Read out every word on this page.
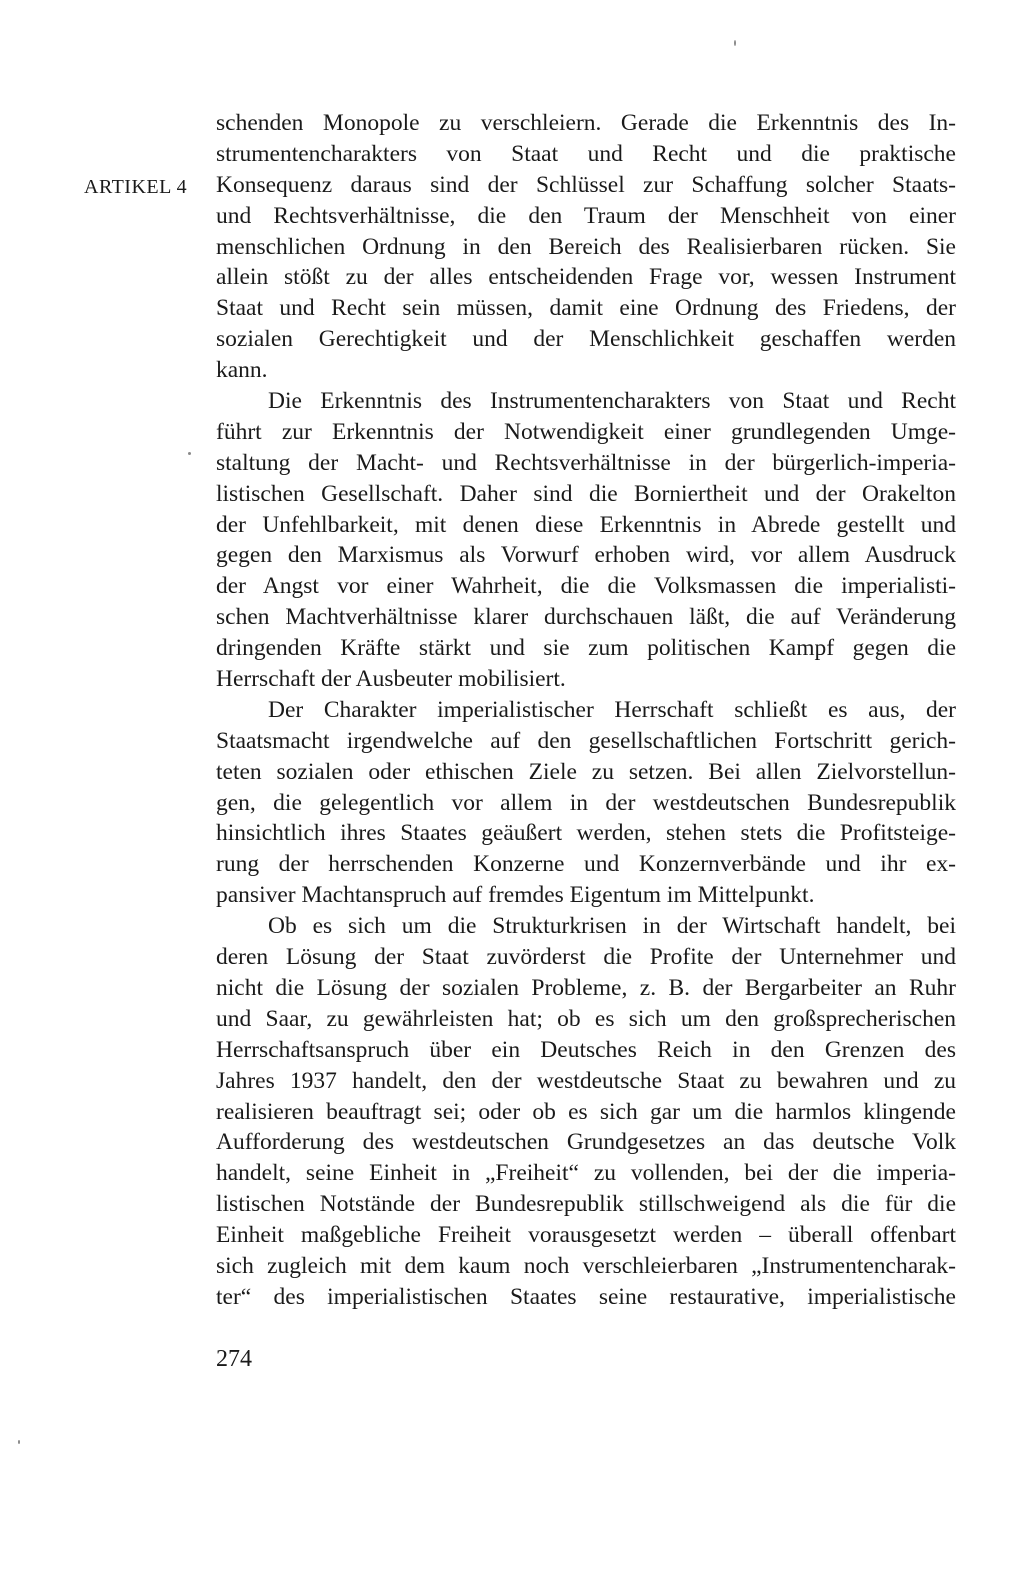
ARTIKEL 4
schenden Monopole zu verschleiern. Gerade die Erkenntnis des In-
strumentencharakters von Staat und Recht und die praktische
Konsequenz daraus sind der Schlüssel zur Schaffung solcher Staats-
und Rechtsverhältnisse, die den Traum der Menschheit von einer
menschlichen Ordnung in den Bereich des Realisierbaren rücken. Sie
allein stößt zu der alles entscheidenden Frage vor, wessen Instrument
Staat und Recht sein müssen, damit eine Ordnung des Friedens, der
sozialen Gerechtigkeit und der Menschlichkeit geschaffen werden
kann.
Die Erkenntnis des Instrumentencharakters von Staat und Recht
führt zur Erkenntnis der Notwendigkeit einer grundlegenden Umge-
staltung der Macht- und Rechtsverhältnisse in der bürgerlich-imperia-
listischen Gesellschaft. Daher sind die Borniertheit und der Orakelton
der Unfehlbarkeit, mit denen diese Erkenntnis in Abrede gestellt und
gegen den Marxismus als Vorwurf erhoben wird, vor allem Ausdruck
der Angst vor einer Wahrheit, die die Volksmassen die imperialisti-
schen Machtverhältnisse klarer durchschauen läßt, die auf Veränderung
dringenden Kräfte stärkt und sie zum politischen Kampf gegen die
Herrschaft der Ausbeuter mobilisiert.
Der Charakter imperialistischer Herrschaft schließt es aus, der
Staatsmacht irgendwelche auf den gesellschaftlichen Fortschritt gerich-
teten sozialen oder ethischen Ziele zu setzen. Bei allen Zielvorstellun-
gen, die gelegentlich vor allem in der westdeutschen Bundesrepublik
hinsichtlich ihres Staates geäußert werden, stehen stets die Profitsteige-
rung der herrschenden Konzerne und Konzernverbände und ihr ex-
pansiver Machtanspruch auf fremdes Eigentum im Mittelpunkt.
Ob es sich um die Strukturkrisen in der Wirtschaft handelt, bei
deren Lösung der Staat zuvörderst die Profite der Unternehmer und
nicht die Lösung der sozialen Probleme, z. B. der Bergarbeiter an Ruhr
und Saar, zu gewährleisten hat; ob es sich um den großsprecherischen
Herrschaftsanspruch über ein Deutsches Reich in den Grenzen des
Jahres 1937 handelt, den der westdeutsche Staat zu bewahren und zu
realisieren beauftragt sei; oder ob es sich gar um die harmlos klingende
Aufforderung des westdeutschen Grundgesetzes an das deutsche Volk
handelt, seine Einheit in „Freiheit“ zu vollenden, bei der die imperia-
listischen Notstände der Bundesrepublik stillschweigend als die für die
Einheit maßgebliche Freiheit vorausgesetzt werden – überall offenbart
sich zugleich mit dem kaum noch verschleierbaren „Instrumentencharak-
ter“ des imperialistischen Staates seine restaurative, imperialistische
274
